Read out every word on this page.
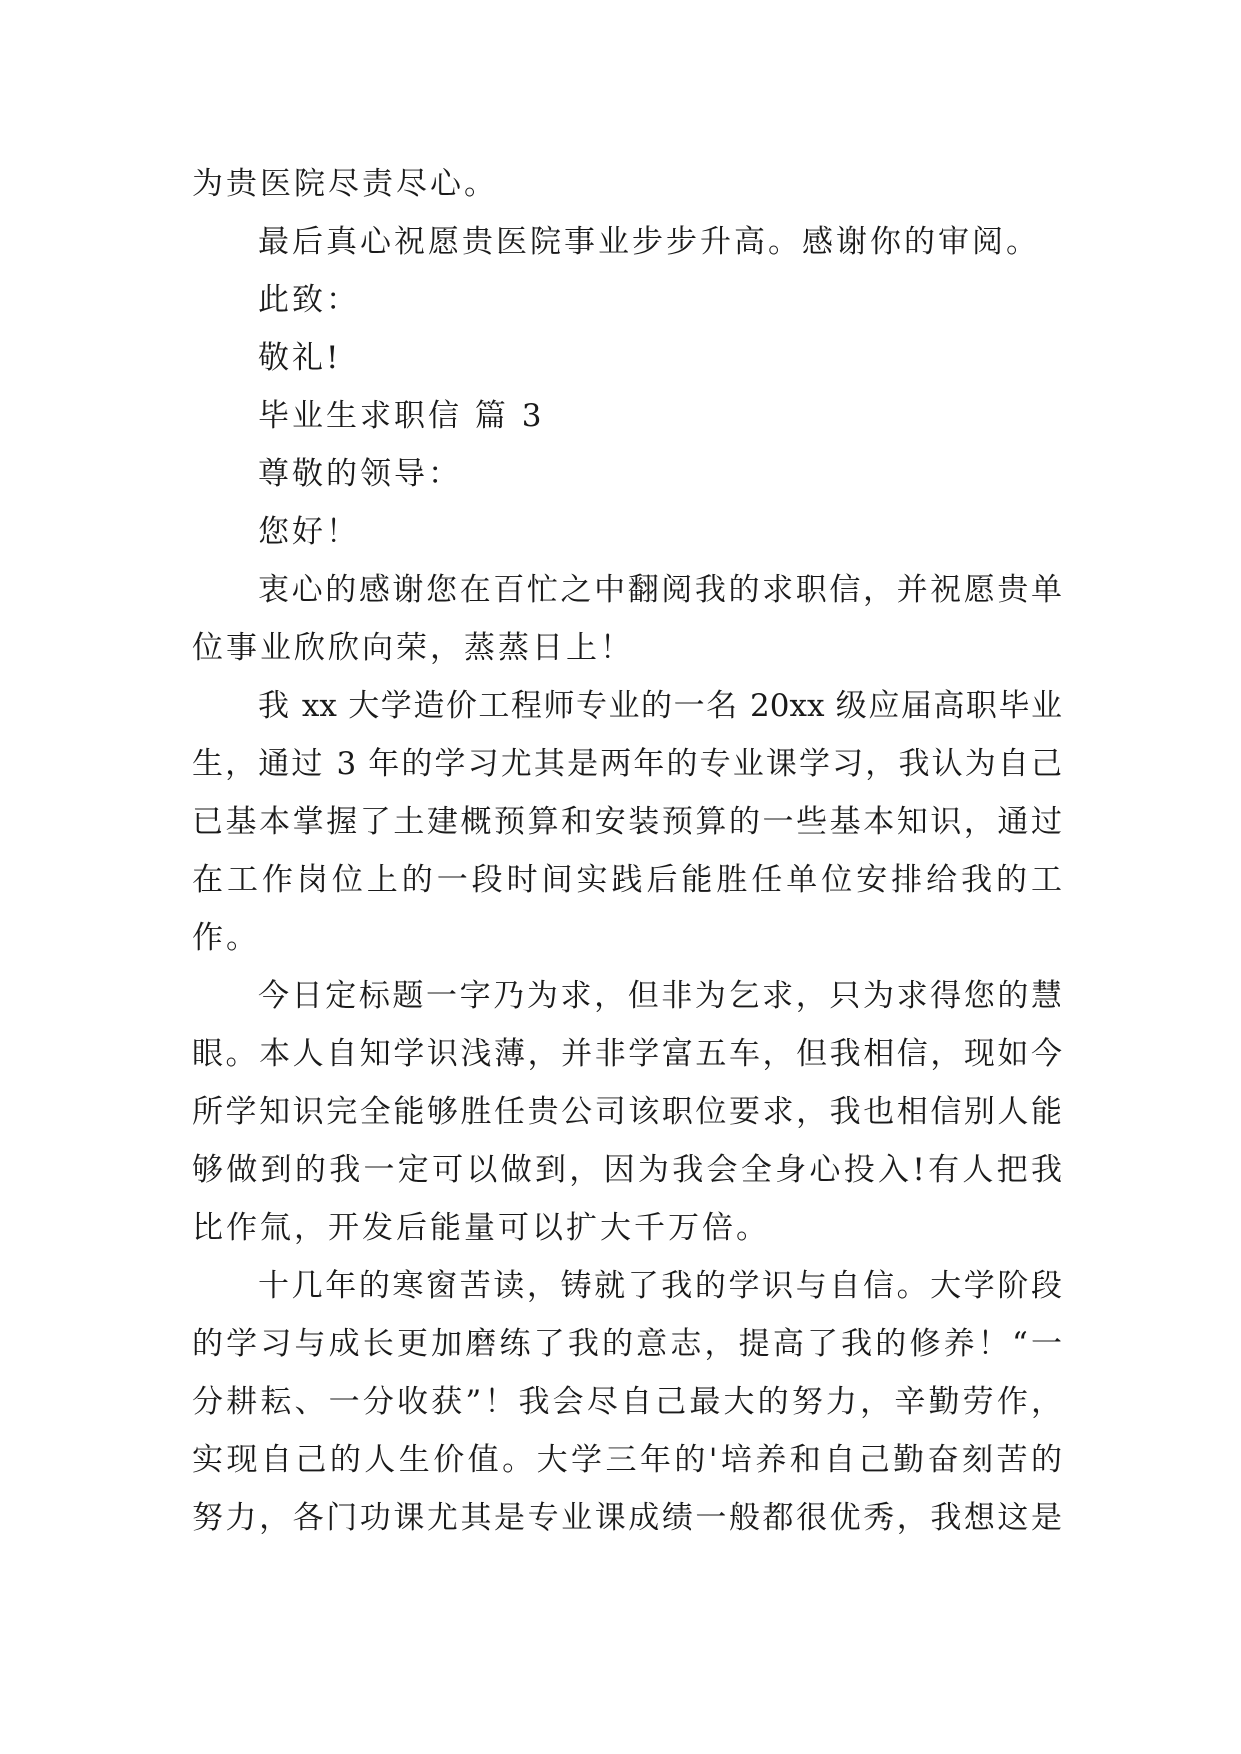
为贵医院尽责尽心。
最后真心祝愿贵医院事业步步升高。感谢你的审阅。
此致：
敬礼!
毕业生求职信 篇 3
尊敬的领导：
您好！
衷心的感谢您在百忙之中翻阅我的求职信，并祝愿贵单
位事业欣欣向荣，蒸蒸日上！
我 xx 大学造价工程师专业的一名 20xx 级应届高职毕业
生，通过 3 年的学习尤其是两年的专业课学习，我认为自己
已基本掌握了土建概预算和安装预算的一些基本知识，通过
在工作岗位上的一段时间实践后能胜任单位安排给我的工
作。
今日定标题一字乃为求，但非为乞求，只为求得您的慧
眼。本人自知学识浅薄，并非学富五车，但我相信，现如今
所学知识完全能够胜任贵公司该职位要求，我也相信别人能
够做到的我一定可以做到，因为我会全身心投入!有人把我
比作氚，开发后能量可以扩大千万倍。
十几年的寒窗苦读，铸就了我的学识与自信。大学阶段
的学习与成长更加磨练了我的意志，提高了我的修养！“一
分耕耘、一分收获”！我会尽自己最大的努力，辛勤劳作，
实现自己的人生价值。大学三年的'培养和自己勤奋刻苦的
努力，各门功课尤其是专业课成绩一般都很优秀，我想这是
